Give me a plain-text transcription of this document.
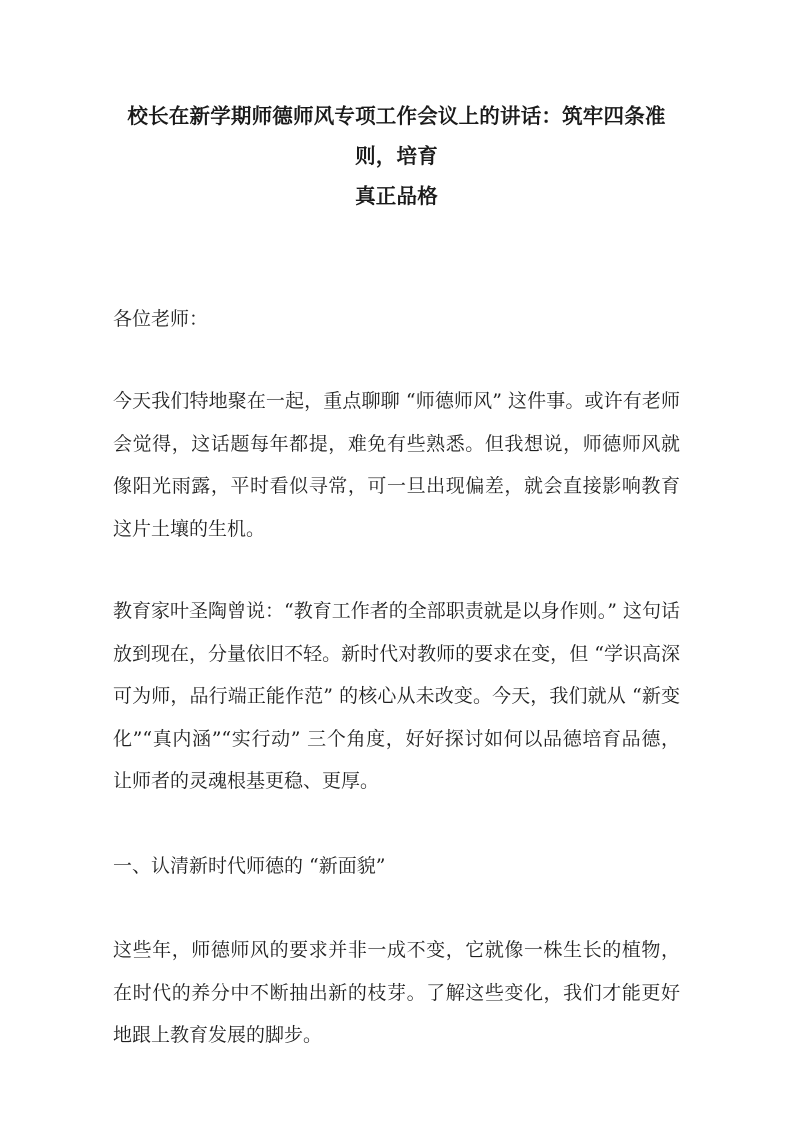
校长在新学期师德师风专项工作会议上的讲话：筑牢四条准则，培育
真正品格

各位老师：

今天我们特地聚在一起，重点聊聊 “师德师风” 这件事。或许有老师会觉得，这话题每年都提，难免有些熟悉。但我想说，师德师风就像阳光雨露，平时看似寻常，可一旦出现偏差，就会直接影响教育这片土壤的生机。

教育家叶圣陶曾说：“教育工作者的全部职责就是以身作则。” 这句话放到现在，分量依旧不轻。新时代对教师的要求在变，但 “学识高深可为师，品行端正能作范” 的核心从未改变。今天，我们就从 “新变化”“真内涵”“实行动” 三个角度，好好探讨如何以品德培育品德，让师者的灵魂根基更稳、更厚。

一、认清新时代师德的 “新面貌”

这些年，师德师风的要求并非一成不变，它就像一株生长的植物，在时代的养分中不断抽出新的枝芽。了解这些变化，我们才能更好地跟上教育发展的脚步。
